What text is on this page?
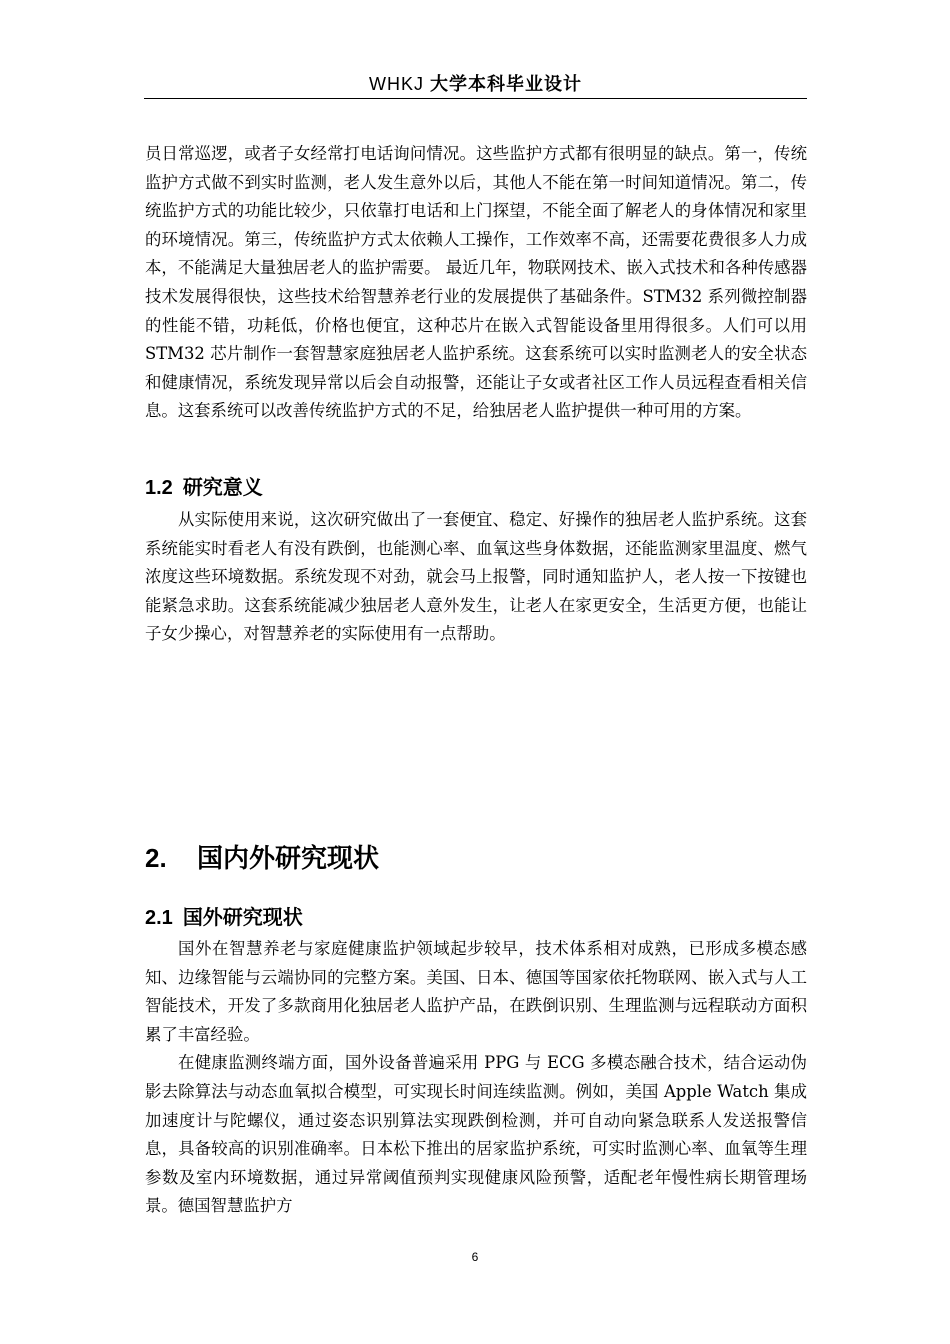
WHKJ 大学本科毕业设计

员日常巡逻，或者子女经常打电话询问情况。这些监护方式都有很明显的缺点。第一，传统监护方式做不到实时监测，老人发生意外以后，其他人不能在第一时间知道情况。第二，传统监护方式的功能比较少，只依靠打电话和上门探望，不能全面了解老人的身体情况和家里的环境情况。第三，传统监护方式太依赖人工操作，工作效率不高，还需要花费很多人力成本，不能满足大量独居老人的监护需要。 最近几年，物联网技术、嵌入式技术和各种传感器技术发展得很快，这些技术给智慧养老行业的发展提供了基础条件。STM32 系列微控制器的性能不错，功耗低，价格也便宜，这种芯片在嵌入式智能设备里用得很多。人们可以用 STM32 芯片制作一套智慧家庭独居老人监护系统。这套系统可以实时监测老人的安全状态和健康情况，系统发现异常以后会自动报警，还能让子女或者社区工作人员远程查看相关信息。这套系统可以改善传统监护方式的不足，给独居老人监护提供一种可用的方案。

1.2 研究意义

从实际使用来说，这次研究做出了一套便宜、稳定、好操作的独居老人监护系统。这套系统能实时看老人有没有跌倒，也能测心率、血氧这些身体数据，还能监测家里温度、燃气浓度这些环境数据。系统发现不对劲，就会马上报警，同时通知监护人，老人按一下按键也能紧急求助。这套系统能减少独居老人意外发生，让老人在家更安全，生活更方便，也能让子女少操心，对智慧养老的实际使用有一点帮助。

2. 国内外研究现状
2.1 国外研究现状

国外在智慧养老与家庭健康监护领域起步较早，技术体系相对成熟，已形成多模态感知、边缘智能与云端协同的完整方案。美国、日本、德国等国家依托物联网、嵌入式与人工智能技术，开发了多款商用化独居老人监护产品，在跌倒识别、生理监测与远程联动方面积累了丰富经验。

在健康监测终端方面，国外设备普遍采用 PPG 与 ECG 多模态融合技术，结合运动伪影去除算法与动态血氧拟合模型，可实现长时间连续监测。例如，美国 Apple Watch 集成加速度计与陀螺仪，通过姿态识别算法实现跌倒检测，并可自动向紧急联系人发送报警信息，具备较高的识别准确率。日本松下推出的居家监护系统，可实时监测心率、血氧等生理参数及室内环境数据，通过异常阈值预判实现健康风险预警，适配老年慢性病长期管理场景。德国智慧监护方

6
